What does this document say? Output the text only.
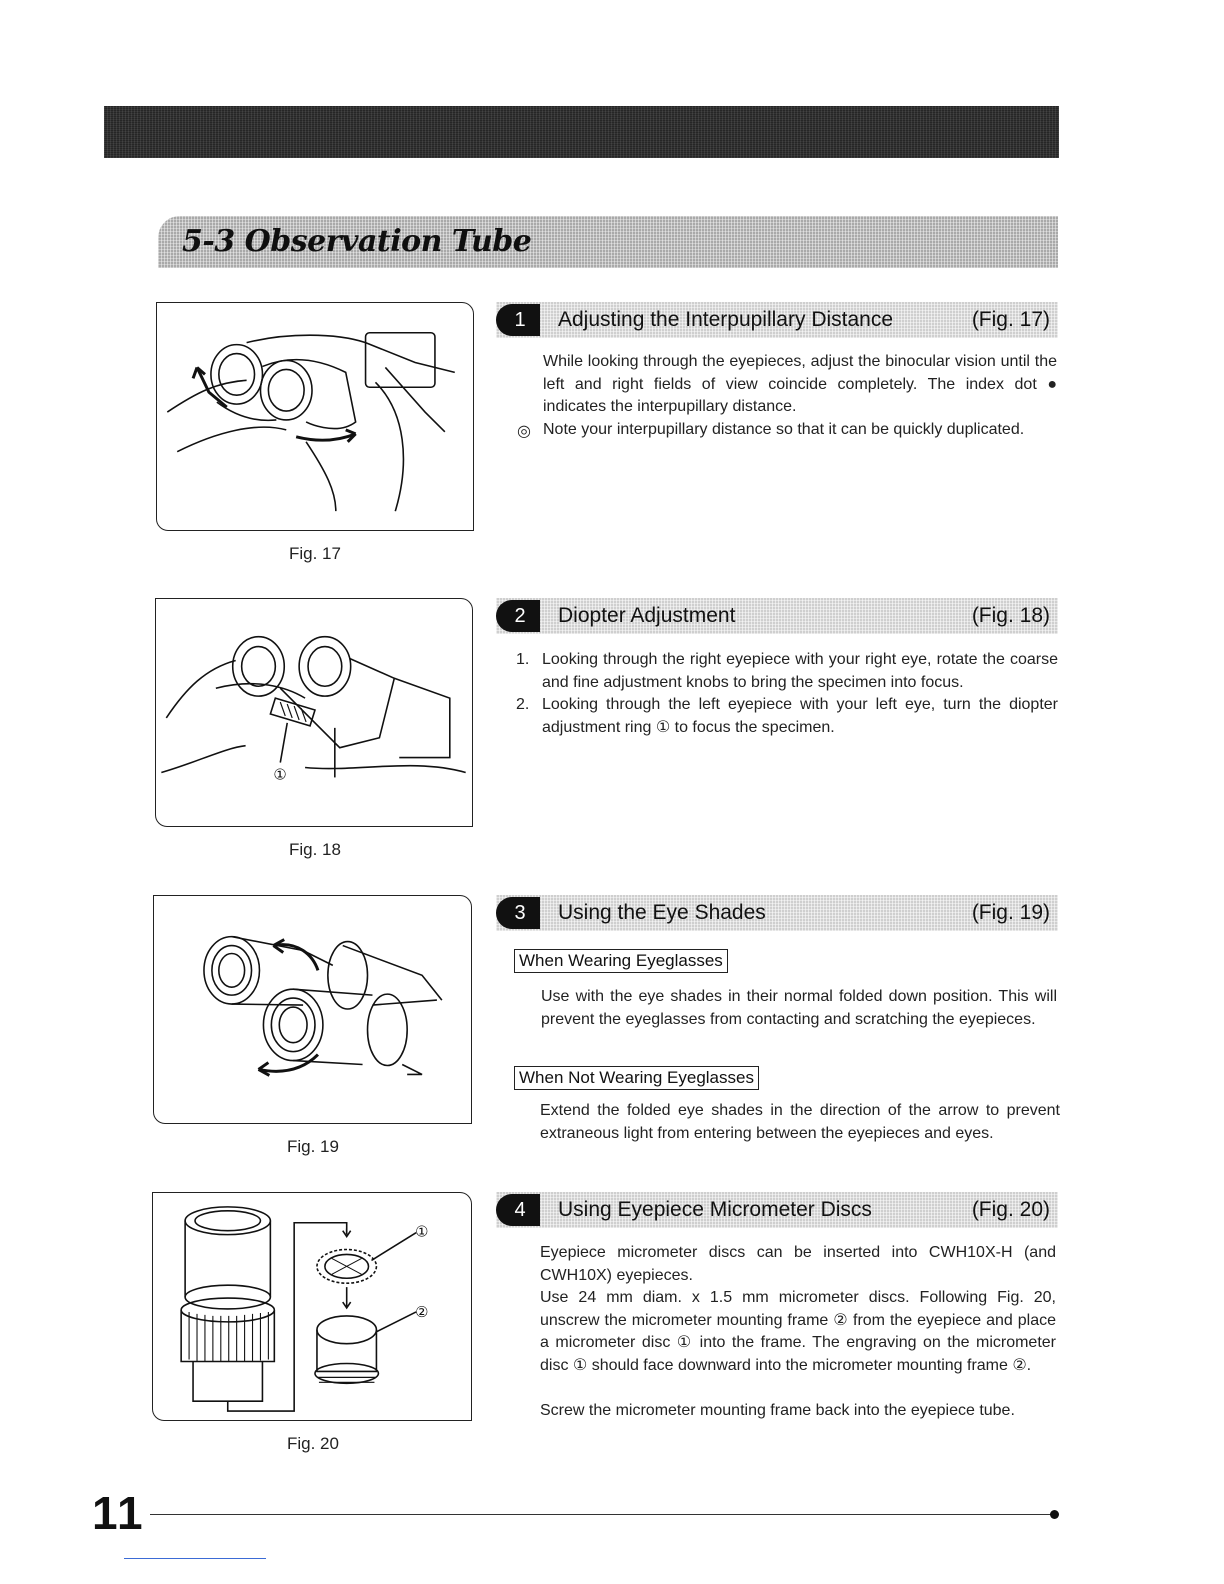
5-3 Observation Tube
Fig. 17
1	Adjusting the Interpupillary Distance	(Fig. 17)

While looking through the eyepieces, adjust the binocular vision until the left and right fields of view coincide completely. The index dot ● indicates the interpupillary distance.

◎ Note your interpupillary distance so that it can be quickly duplicated.

①
Fig. 18
2	Diopter Adjustment	(Fig. 18)
1. Looking through the right eyepiece with your right eye, rotate the coarse and fine adjustment knobs to bring the specimen into focus.

2. Looking through the left eyepiece with your left eye, turn the diopter adjustment ring ① to focus the specimen.

Fig. 19
3	Using the Eye Shades	(Fig. 19)
When Wearing Eyeglasses

Use with the eye shades in their normal folded down position. This will prevent the eyeglasses from contacting and scratching the eyepieces.

When Not Wearing Eyeglasses

Extend the folded eye shades in the direction of the arrow to prevent extraneous light from entering between the eyepieces and eyes.

①
②
Fig. 20
4	Using Eyepiece Micrometer Discs	(Fig. 20)

Eyepiece micrometer discs can be inserted into CWH10X-H (and CWH10X) eyepieces.

Use 24 mm diam. x 1.5 mm micrometer discs. Following Fig. 20, unscrew the micrometer mounting frame ② from the eyepiece and place a micrometer disc ① into the frame. The engraving on the micrometer disc ① should face downward into the micrometer mounting frame ②.

Screw the micrometer mounting frame back into the eyepiece tube.

11
